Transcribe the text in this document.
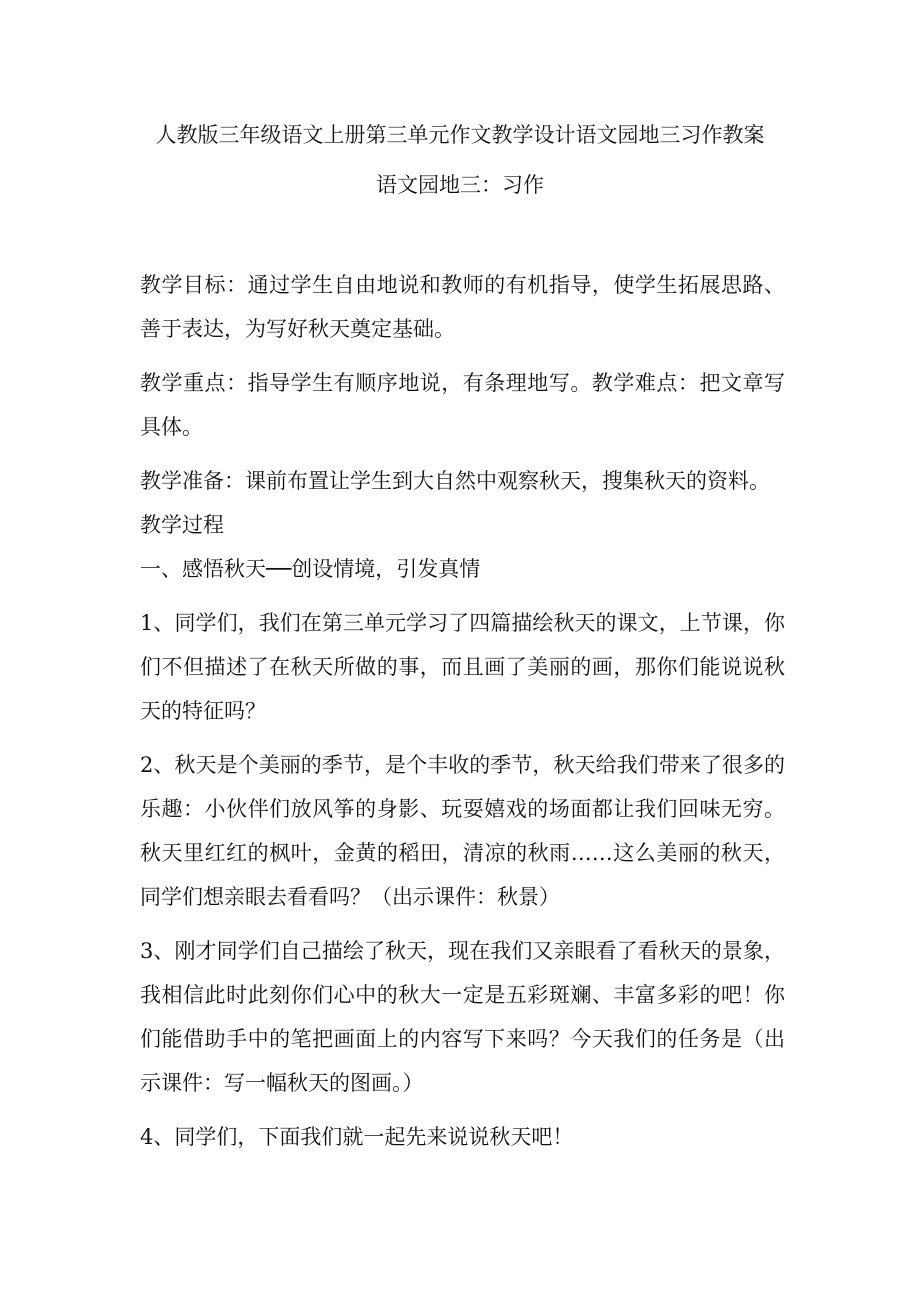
人教版三年级语文上册第三单元作文教学设计语文园地三习作教案
语文园地三：习作

教学目标：通过学生自由地说和教师的有机指导，使学生拓展思路、善于表达，为写好秋天奠定基础。

教学重点：指导学生有顺序地说，有条理地写。教学难点：把文章写具体。

教学准备：课前布置让学生到大自然中观察秋天，搜集秋天的资料。

教学过程

一、感悟秋天──创设情境，引发真情

1、同学们，我们在第三单元学习了四篇描绘秋天的课文，上节课，你们不但描述了在秋天所做的事，而且画了美丽的画，那你们能说说秋天的特征吗？

2、秋天是个美丽的季节，是个丰收的季节，秋天给我们带来了很多的乐趣：小伙伴们放风筝的身影、玩耍嬉戏的场面都让我们回味无穷。秋天里红红的枫叶，金黄的稻田，清凉的秋雨……这么美丽的秋天，同学们想亲眼去看看吗？（出示课件：秋景）

3、刚才同学们自己描绘了秋天，现在我们又亲眼看了看秋天的景象，我相信此时此刻你们心中的秋大一定是五彩斑斓、丰富多彩的吧！你们能借助手中的笔把画面上的内容写下来吗？今天我们的任务是（出示课件：写一幅秋天的图画。）

4、同学们，下面我们就一起先来说说秋天吧！
